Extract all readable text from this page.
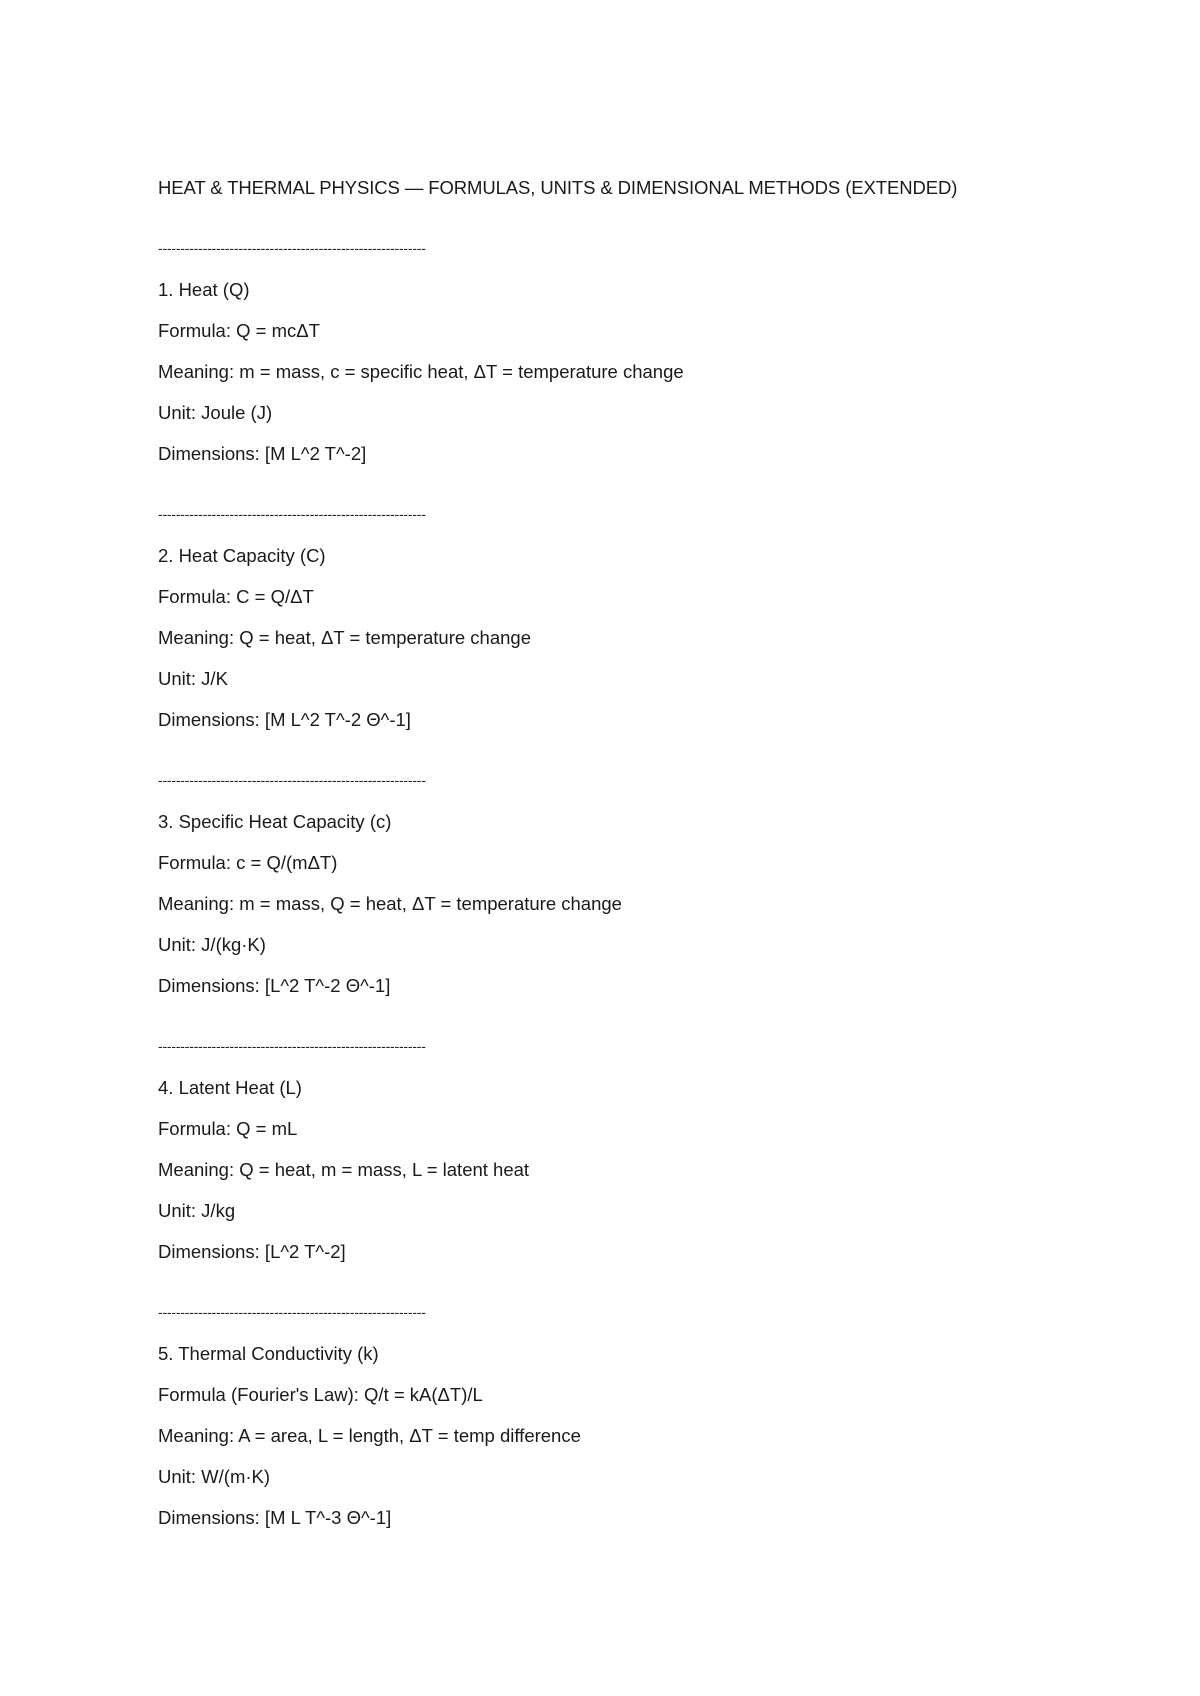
HEAT & THERMAL PHYSICS — FORMULAS, UNITS & DIMENSIONAL METHODS (EXTENDED)
------------------------------------------------------------
1. Heat (Q)
Formula: Q = mcΔT
Meaning: m = mass, c = specific heat, ΔT = temperature change
Unit: Joule (J)
Dimensions: [M L^2 T^-2]
------------------------------------------------------------
2. Heat Capacity (C)
Formula: C = Q/ΔT
Meaning: Q = heat, ΔT = temperature change
Unit: J/K
Dimensions: [M L^2 T^-2 Θ^-1]
------------------------------------------------------------
3. Specific Heat Capacity (c)
Formula: c = Q/(mΔT)
Meaning: m = mass, Q = heat, ΔT = temperature change
Unit: J/(kg·K)
Dimensions: [L^2 T^-2 Θ^-1]
------------------------------------------------------------
4. Latent Heat (L)
Formula: Q = mL
Meaning: Q = heat, m = mass, L = latent heat
Unit: J/kg
Dimensions: [L^2 T^-2]
------------------------------------------------------------
5. Thermal Conductivity (k)
Formula (Fourier's Law): Q/t = kA(ΔT)/L
Meaning: A = area, L = length, ΔT = temp difference
Unit: W/(m·K)
Dimensions: [M L T^-3 Θ^-1]
